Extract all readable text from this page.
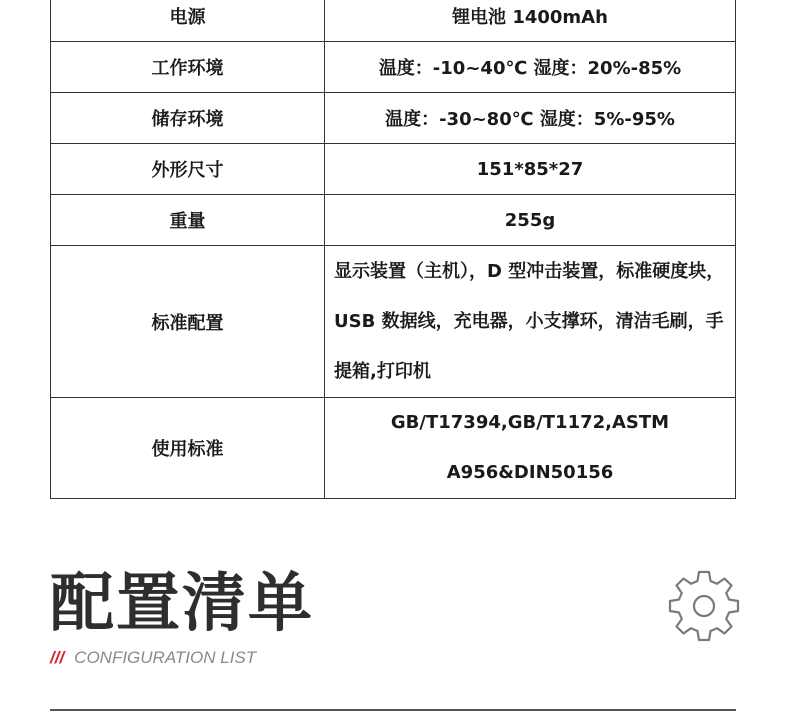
电源	锂电池 1400mAh
工作环境	温度：-10~40℃ 湿度：20%-85%
储存环境	温度：-30~80℃ 湿度：5%-95%
外形尺寸	151*85*27
重量	255g
标准配置	显示装置（主机），D 型冲击装置，标准硬度块，USB 数据线，充电器，小支撑环，清洁毛刷，手提箱,打印机
使用标准	GB/T17394,GB/T1172,ASTM A956&DIN50156
配置清单
/// CONFIGURATION LIST
